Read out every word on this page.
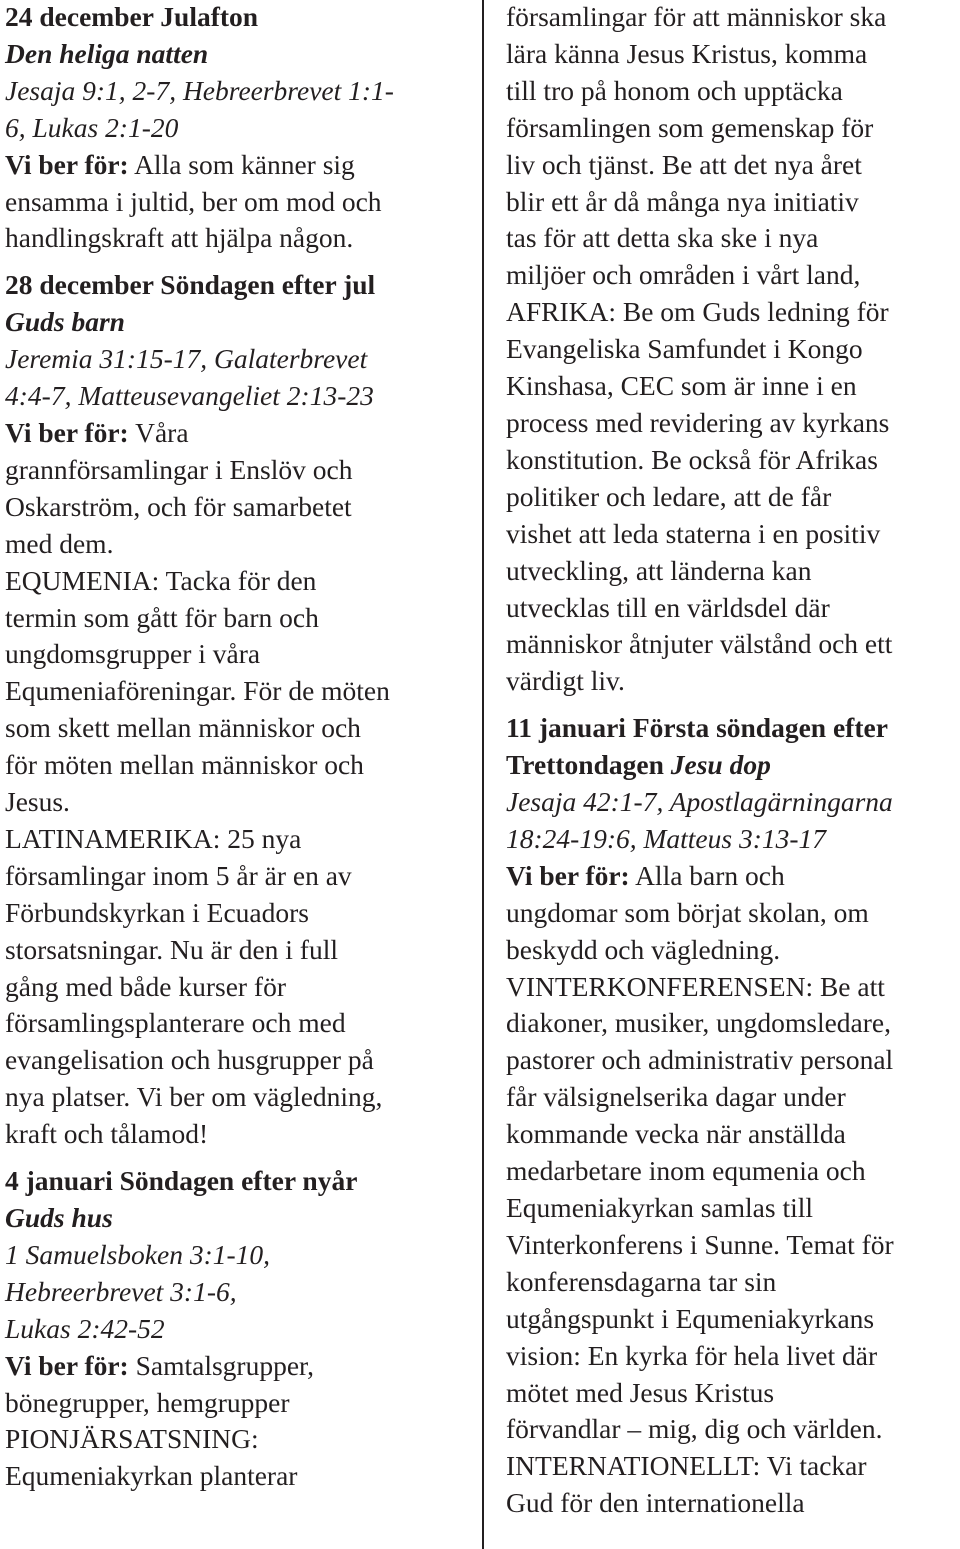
24 december Julafton
Den heliga natten
Jesaja 9:1, 2-7, Hebreerbrevet 1:1-
6, Lukas 2:1-20
Vi ber för: Alla som känner sig
ensamma i jultid, ber om mod och
handlingskraft att hjälpa någon.
28 december Söndagen efter jul
Guds barn
Jeremia 31:15-17, Galaterbrevet
4:4-7, Matteusevangeliet 2:13-23
Vi ber för: Våra
grannförsamlingar i Enslöv och
Oskarström, och för samarbetet
med dem.
EQUMENIA: Tacka för den
termin som gått för barn och
ungdomsgrupper i våra
Equmeniaföreningar. För de möten
som skett mellan människor och
för möten mellan människor och
Jesus.
LATINAMERIKA: 25 nya
församlingar inom 5 år är en av
Förbundskyrkan i Ecuadors
storsatsningar. Nu är den i full
gång med både kurser för
församlingsplanterare och med
evangelisation och husgrupper på
nya platser. Vi ber om vägledning,
kraft och tålamod!
4 januari Söndagen efter nyår
Guds hus
1 Samuelsboken 3:1-10,
Hebreerbrevet 3:1-6,
Lukas 2:42-52
Vi ber för: Samtalsgrupper,
bönegrupper, hemgrupper
PIONJÄRSATSNING:
Equmeniakyrkan planterar
församlingar för att människor ska
lära känna Jesus Kristus, komma
till tro på honom och upptäcka
församlingen som gemenskap för
liv och tjänst. Be att det nya året
blir ett år då många nya initiativ
tas för att detta ska ske i nya
miljöer och områden i vårt land,
AFRIKA: Be om Guds ledning för
Evangeliska Samfundet i Kongo
Kinshasa, CEC som är inne i en
process med revidering av kyrkans
konstitution. Be också för Afrikas
politiker och ledare, att de får
vishet att leda staterna i en positiv
utveckling, att länderna kan
utvecklas till en världsdel där
människor åtnjuter välstånd och ett
värdigt liv.
11 januari Första söndagen efter
Trettondagen Jesu dop
Jesaja 42:1-7, Apostlagärningarna
18:24-19:6, Matteus 3:13-17
Vi ber för: Alla barn och
ungdomar som börjat skolan, om
beskydd och vägledning.
VINTERKONFERENSEN: Be att
diakoner, musiker, ungdomsledare,
pastorer och administrativ personal
får välsignelserika dagar under
kommande vecka när anställda
medarbetare inom equmenia och
Equmeniakyrkan samlas till
Vinterkonferens i Sunne. Temat för
konferensdagarna tar sin
utgångspunkt i Equmeniakyrkans
vision: En kyrka för hela livet där
mötet med Jesus Kristus
förvandlar – mig, dig och världen.
INTERNATIONELLT: Vi tackar
Gud för den internationella
